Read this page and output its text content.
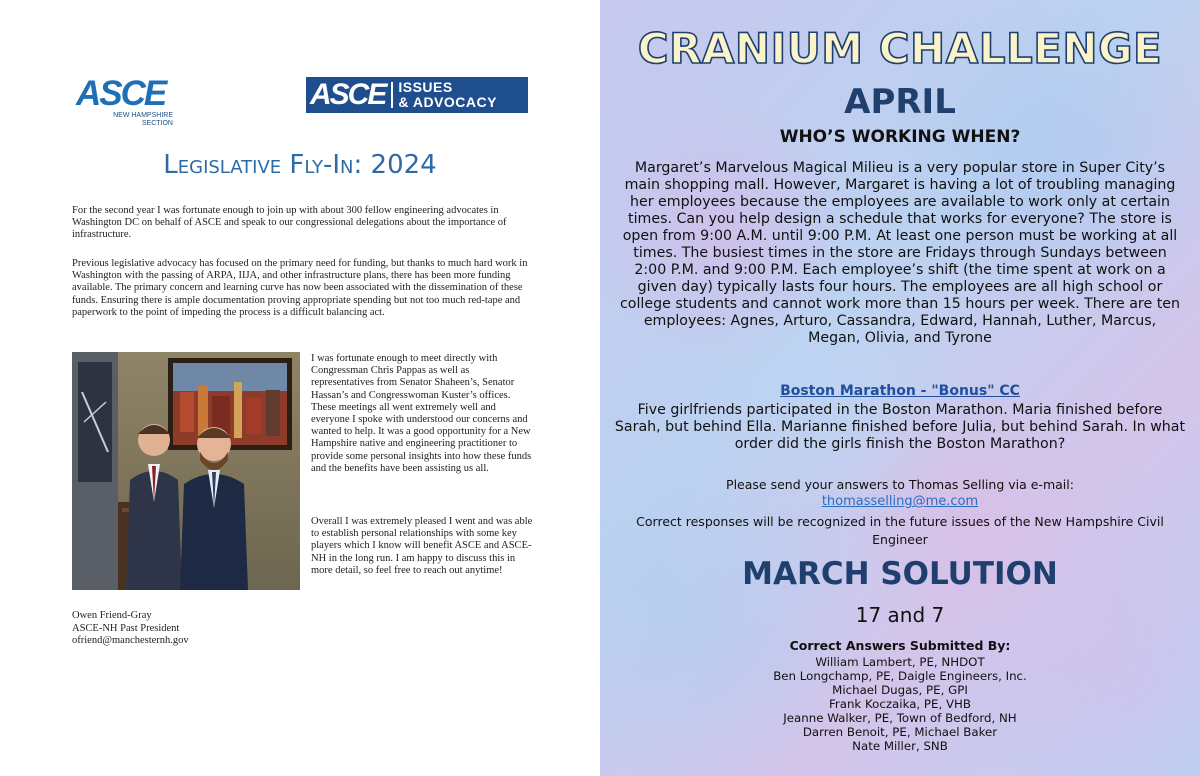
ASCE
NEW HAMPSHIRE
SECTION
ASCE ISSUES
& ADVOCACY
Legislative Fly-In: 2024

For the second year I was fortunate enough to join up with about 300 fellow engineering advocates in Washington DC on behalf of ASCE and speak to our congressional delegations about the importance of infrastructure.

Previous legislative advocacy has focused on the primary need for funding, but thanks to much hard work in Washington with the passing of ARPA, IIJA, and other infrastructure plans, there has been more funding available. The primary concern and learning curve has now been associated with the dissemination of these funds. Ensuring there is ample documentation proving appropriate spending but not too much red-tape and paperwork to the point of impeding the process is a difficult balancing act.

I was fortunate enough to meet directly with Congressman Chris Pappas as well as representatives from Senator Shaheen’s, Senator Hassan’s and Congresswoman Kuster’s offices. These meetings all went extremely well and everyone I spoke with understood our concerns and wanted to help. It was a good opportunity for a New Hampshire native and engineering practitioner to provide some personal insights into how these funds and the benefits have been assisting us all.

Overall I was extremely pleased I went and was able to establish personal relationships with some key players which I know will benefit ASCE and ASCE-NH in the long run. I am happy to discuss this in more detail, so feel free to reach out anytime!

Owen Friend-Gray
ASCE-NH Past President
ofriend@manchesternh.gov
CRANIUM CHALLENGE
APRIL
WHO’S WORKING WHEN?

Margaret’s Marvelous Magical Milieu is a very popular store in Super City’s main shopping mall. However, Margaret is having a lot of troubling managing her employees because the employees are available to work only at certain times. Can you help design a schedule that works for everyone? The store is open from 9:00 A.M. until 9:00 P.M. At least one person must be working at all times. The busiest times in the store are Fridays through Sundays between 2:00 P.M. and 9:00 P.M. Each employee’s shift (the time spent at work on a given day) typically lasts four hours. The employees are all high school or college students and cannot work more than 15 hours per week. There are ten employees: Agnes, Arturo, Cassandra, Edward, Hannah, Luther, Marcus, Megan, Olivia, and Tyrone

Boston Marathon - "Bonus" CC

Five girlfriends participated in the Boston Marathon. Maria finished before Sarah, but behind Ella. Marianne finished before Julia, but behind Sarah. In what order did the girls finish the Boston Marathon?

Please send your answers to Thomas Selling via e-mail:

thomasselling@me.com

Correct responses will be recognized in the future issues of the New Hampshire Civil Engineer

MARCH SOLUTION
17 and 7
Correct Answers Submitted By:
William Lambert, PE, NHDOT
Ben Longchamp, PE, Daigle Engineers, Inc.
Michael Dugas, PE, GPI
Frank Koczaika, PE, VHB
Jeanne Walker, PE, Town of Bedford, NH
Darren Benoit, PE, Michael Baker
Nate Miller, SNB
